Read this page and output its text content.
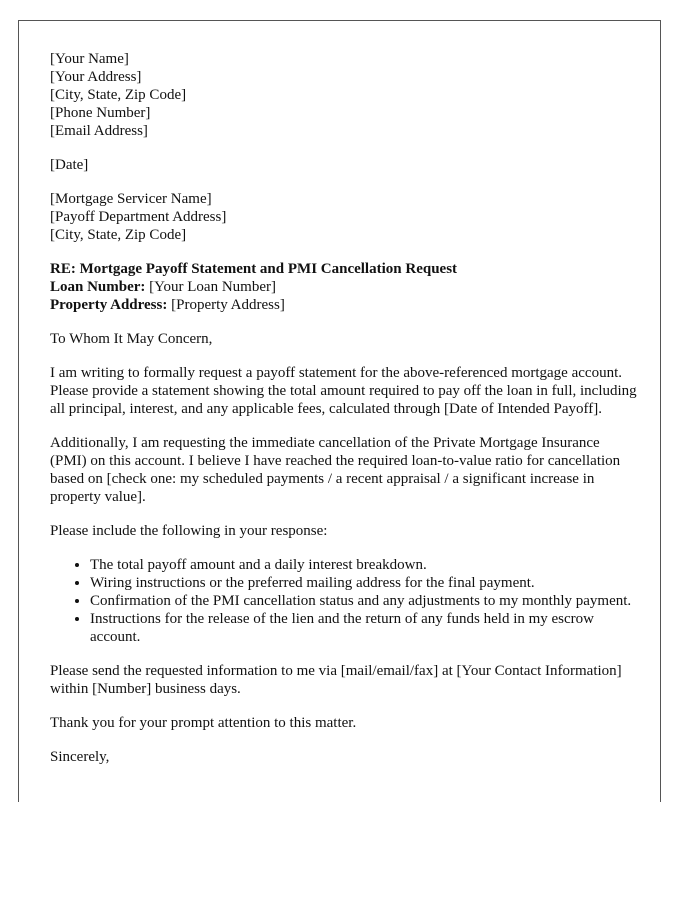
[Your Name]
[Your Address]
[City, State, Zip Code]
[Phone Number]
[Email Address]
[Date]
[Mortgage Servicer Name]
[Payoff Department Address]
[City, State, Zip Code]
RE: Mortgage Payoff Statement and PMI Cancellation Request
Loan Number: [Your Loan Number]
Property Address: [Property Address]

To Whom It May Concern,

I am writing to formally request a payoff statement for the above-referenced mortgage account. Please provide a statement showing the total amount required to pay off the loan in full, including all principal, interest, and any applicable fees, calculated through [Date of Intended Payoff].

Additionally, I am requesting the immediate cancellation of the Private Mortgage Insurance (PMI) on this account. I believe I have reached the required loan-to-value ratio for cancellation based on [check one: my scheduled payments / a recent appraisal / a significant increase in property value].

Please include the following in your response:

• The total payoff amount and a daily interest breakdown.
• Wiring instructions or the preferred mailing address for the final payment.
• Confirmation of the PMI cancellation status and any adjustments to my monthly payment.
• Instructions for the release of the lien and the return of any funds held in my escrow account.

Please send the requested information to me via [mail/email/fax] at [Your Contact Information] within [Number] business days.

Thank you for your prompt attention to this matter.

Sincerely,
